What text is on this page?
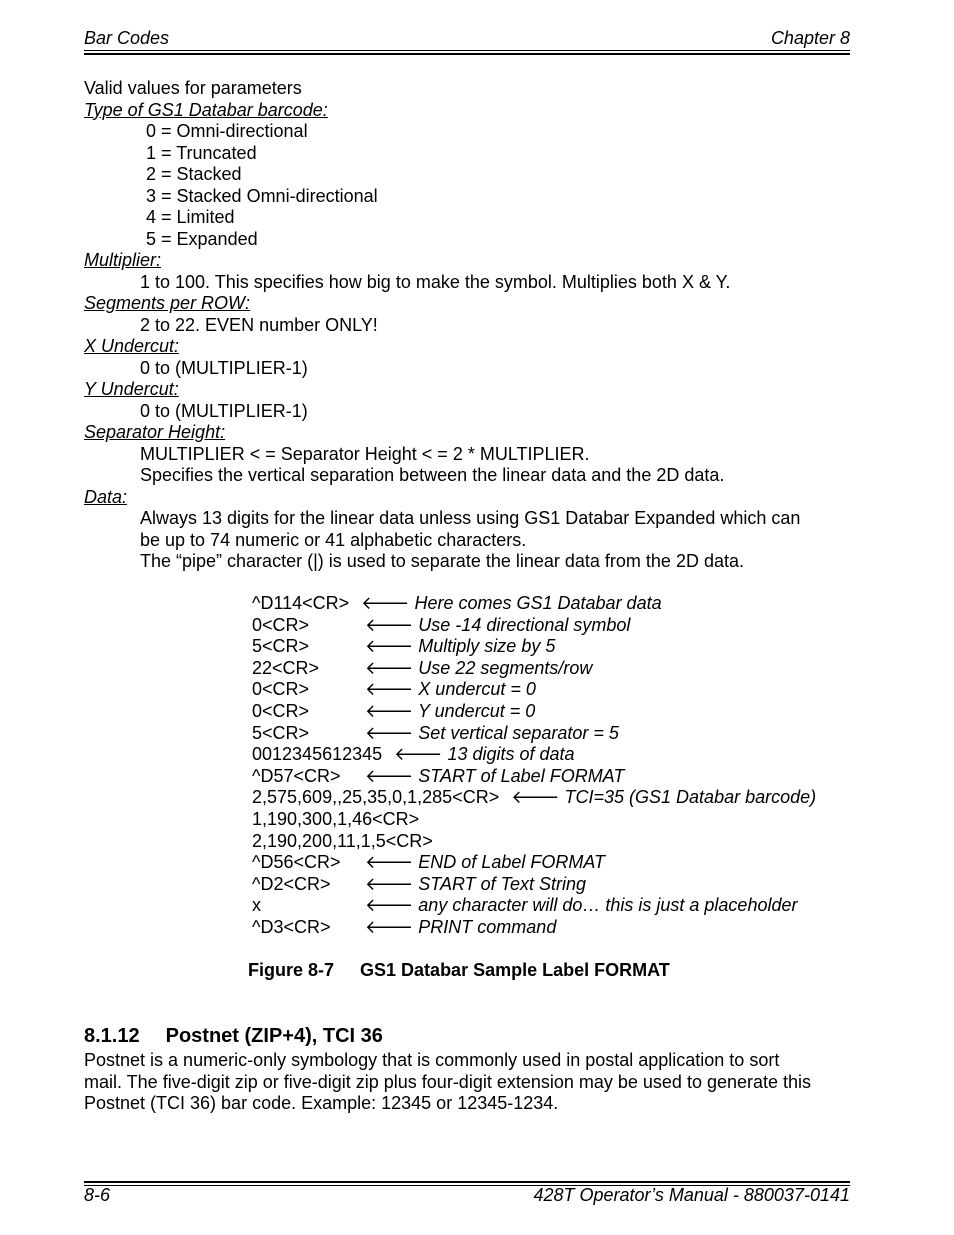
Bar Codes	Chapter 8
Valid values for parameters
Type of GS1 Databar barcode:
0 = Omni-directional
1 = Truncated
2 = Stacked
3 = Stacked Omni-directional
4 = Limited
5 = Expanded
Multiplier:
1 to 100. This specifies how big to make the symbol. Multiplies both X & Y.
Segments per ROW:
2 to 22. EVEN number ONLY!
X Undercut:
0 to (MULTIPLIER-1)
Y Undercut:
0 to (MULTIPLIER-1)
Separator Height:
MULTIPLIER < = Separator Height < = 2 * MULTIPLIER.
Specifies the vertical separation between the linear data and the 2D data.
Data:
Always 13 digits for the linear data unless using GS1 Databar Expanded which can
be up to 74 numeric or 41 alphabetic characters.
The “pipe” character (|) is used to separate the linear data from the 2D data.
^D114<CR> 🡐 Here comes GS1 Databar data
0<CR>	🡐 Use -14 directional symbol
5<CR>	🡐 Multiply size by 5
22<CR>	🡐 Use 22 segments/row
0<CR>	🡐 X undercut = 0
0<CR>	🡐 Y undercut = 0
5<CR>	🡐 Set vertical separator = 5
0012345612345 🡐 13 digits of data
^D57<CR> 🡐 START of Label FORMAT
2,575,609,,25,35,0,1,285<CR> 🡐 TCI=35 (GS1 Databar barcode)
1,190,300,1,46<CR>
2,190,200,11,1,5<CR>
^D56<CR> 🡐 END of Label FORMAT
^D2<CR> 🡐 START of Text String
x	🡐 any character will do… this is just a placeholder
^D3<CR> 🡐 PRINT command
Figure 8-7 GS1 Databar Sample Label FORMAT
8.1.12 Postnet (ZIP+4), TCI 36
Postnet is a numeric-only symbology that is commonly used in postal application to sort
mail. The five-digit zip or five-digit zip plus four-digit extension may be used to generate this
Postnet (TCI 36) bar code. Example: 12345 or 12345-1234.
8-6	428T Operator’s Manual - 880037-0141
